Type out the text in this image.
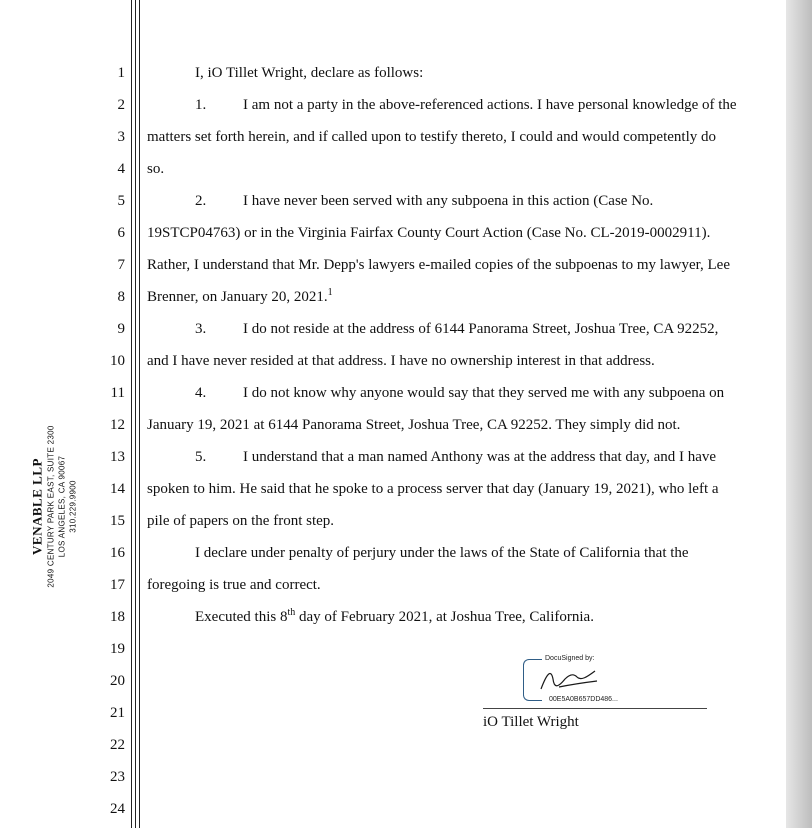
VENABLE LLP 2049 CENTURY PARK EAST, SUITE 2300 LOS ANGELES, CA 90067 310.229.9900
1
2
3
4
5
6
7
8
9
10
11
12
13
14
15
16
17
18
19
20
21
22
23
24
I, iO Tillet Wright, declare as follows:
1. I am not a party in the above-referenced actions. I have personal knowledge of the
matters set forth herein, and if called upon to testify thereto, I could and would competently do
so.
2. I have never been served with any subpoena in this action (Case No.
19STCP04763) or in the Virginia Fairfax County Court Action (Case No. CL-2019-0002911).
Rather, I understand that Mr. Depp's lawyers e-mailed copies of the subpoenas to my lawyer, Lee
Brenner, on January 20, 2021.$^1$
3. I do not reside at the address of 6144 Panorama Street, Joshua Tree, CA 92252,
and I have never resided at that address. I have no ownership interest in that address.
4. I do not know why anyone would say that they served me with any subpoena on
January 19, 2021 at 6144 Panorama Street, Joshua Tree, CA 92252. They simply did not.
5. I understand that a man named Anthony was at the address that day, and I have
spoken to him. He said that he spoke to a process server that day (January 19, 2021), who left a
pile of papers on the front step.
I declare under penalty of perjury under the laws of the State of California that the
foregoing is true and correct.
Executed this 8th day of February 2021, at Joshua Tree, California.
DocuSigned by:
00E5A0B657DD486...
iO Tillet Wright
